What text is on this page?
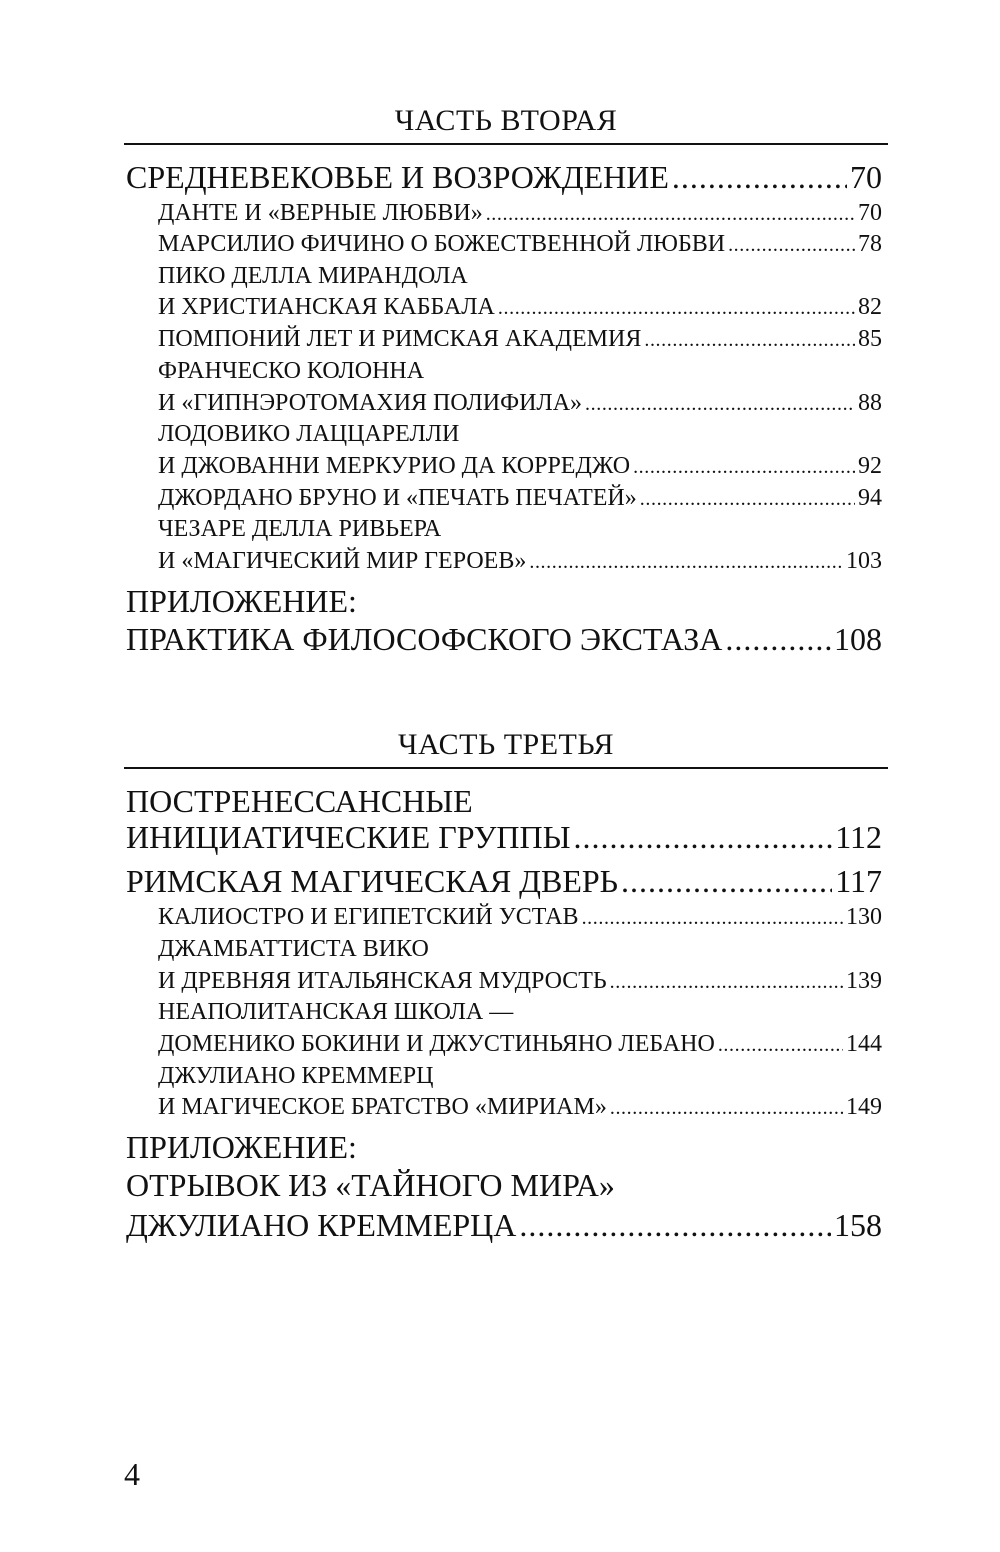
ЧАСТЬ ВТОРАЯ
СРЕДНЕВЕКОВЬЕ И ВОЗРОЖДЕНИЕ .....	70
ДАНТЕ И «ВЕРНЫЕ ЛЮБВИ» .....	70
МАРСИЛИО ФИЧИНО О БОЖЕСТВЕННОЙ ЛЮБВИ .....	78
ПИКО ДЕЛЛА МИРАНДОЛА
И ХРИСТИАНСКАЯ КАББАЛА .....	82
ПОМПОНИЙ ЛЕТ И РИМСКАЯ АКАДЕМИЯ .....	85
ФРАНЧЕСКО КОЛОННА
И «ГИПНЭРОТОМАХИЯ ПОЛИФИЛА» .....	88
ЛОДОВИКО ЛАЦЦАРЕЛЛИ
И ДЖОВАННИ МЕРКУРИО ДА КОРРЕДЖО .....	92
ДЖОРДАНО БРУНО И «ПЕЧАТЬ ПЕЧАТЕЙ» .....	94
ЧЕЗАРЕ ДЕЛЛА РИВЬЕРА
И «МАГИЧЕСКИЙ МИР ГЕРОЕВ» .....	103
ПРИЛОЖЕНИЕ:
ПРАКТИКА ФИЛОСОФСКОГО ЭКСТАЗА .....	108
ЧАСТЬ ТРЕТЬЯ
ПОСТРЕНЕССАНСНЫЕ
ИНИЦИАТИЧЕСКИЕ ГРУППЫ .....	112
РИМСКАЯ МАГИЧЕСКАЯ ДВЕРЬ .....	117
КАЛИОСТРО И ЕГИПЕТСКИЙ УСТАВ .....	130
ДЖАМБАТТИСТА ВИКО
И ДРЕВНЯЯ ИТАЛЬЯНСКАЯ МУДРОСТЬ .....	139
НЕАПОЛИТАНСКАЯ ШКОЛА —
ДОМЕНИКО БОКИНИ И ДЖУСТИНЬЯНО ЛЕБАНО .....	144
ДЖУЛИАНО КРЕММЕРЦ
И МАГИЧЕСКОЕ БРАТСТВО «МИРИАМ» .....	149
ПРИЛОЖЕНИЕ:
ОТРЫВОК ИЗ «ТАЙНОГО МИРА»
ДЖУЛИАНО КРЕММЕРЦА .....	158
4
